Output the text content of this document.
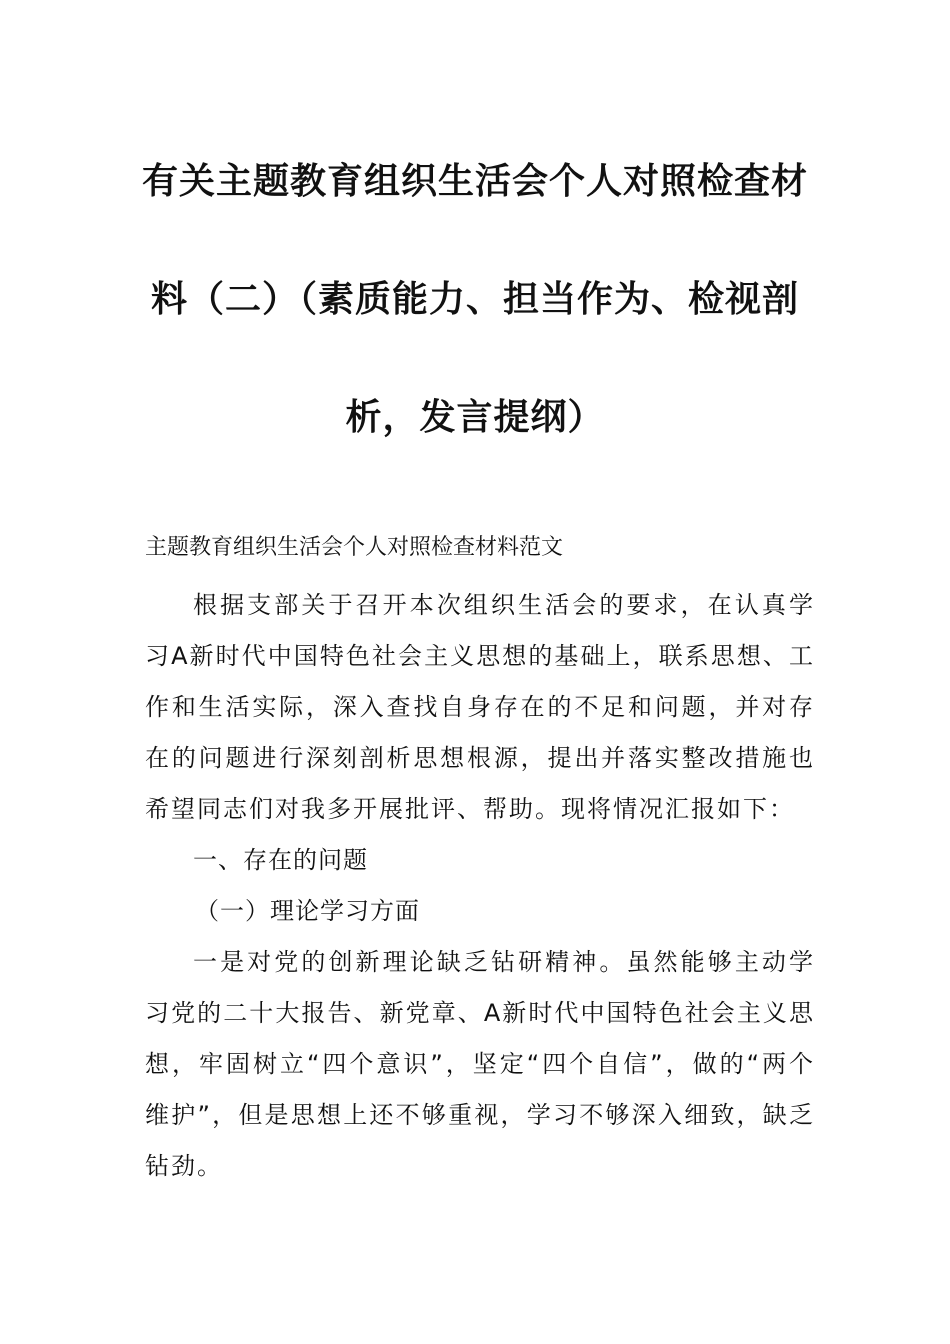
有关主题教育组织生活会个人对照检查材
料（二）（素质能力、担当作为、检视剖
析，发言提纲）
主题教育组织生活会个人对照检查材料范文

根据支部关于召开本次组织生活会的要求，在认真学习A新时代中国特色社会主义思想的基础上，联系思想、工作和生活实际，深入查找自身存在的不足和问题，并对存在的问题进行深刻剖析思想根源，提出并落实整改措施也希望同志们对我多开展批评、帮助。现将情况汇报如下：

一、存在的问题

（一）理论学习方面

一是对党的创新理论缺乏钻研精神。虽然能够主动学习党的二十大报告、新党章、A新时代中国特色社会主义思想，牢固树立“四个意识”，坚定“四个自信”，做的“两个维护”，但是思想上还不够重视，学习不够深入细致，缺乏钻劲。
